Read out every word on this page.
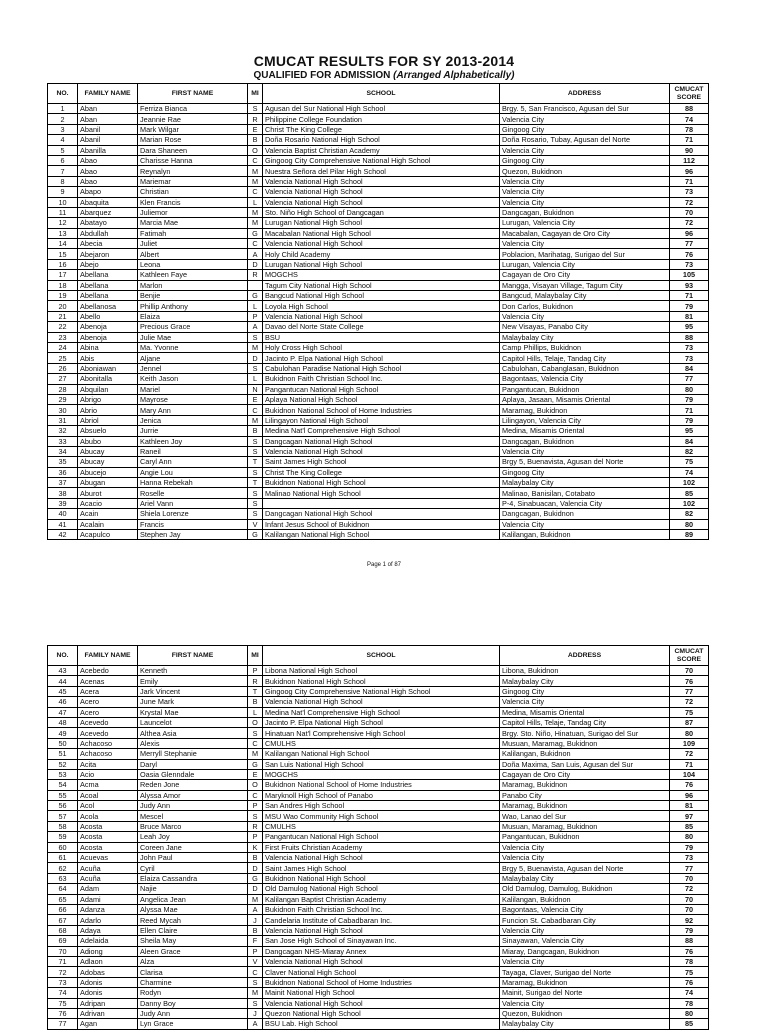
CMUCAT RESULTS FOR SY 2013-2014
QUALIFIED FOR ADMISSION (Arranged Alphabetically)
NO.	FAMILY NAME	FIRST NAME	MI	SCHOOL	ADDRESS	CMUCAT SCORE
1	Aban	Ferriza Bianca	S	Agusan del Sur National High School	Brgy. 5, San Francisco, Agusan del Sur	88
2	Aban	Jeannie Rae	R	Philippine College Foundation	Valencia City	74
3	Abanil	Mark Wilgar	E	Christ The King College	Gingoog City	78
4	Abanil	Marian Rose	B	Doña Rosario National High School	Doña Rosario, Tubay, Agusan del Norte	71
5	Abanilla	Dara Shaneen	O	Valencia Baptist Christian Academy	Valencia City	90
6	Abao	Charisse Hanna	C	Gingoog City Comprehensive National High School	Gingoog City	112
7	Abao	Reynalyn	M	Nuestra Señora del Pilar High School	Quezon, Bukidnon	96
8	Abao	Mariemar	M	Valencia National High School	Valencia City	71
9	Abapo	Christian	C	Valencia National High School	Valencia City	73
10	Abaquita	Klen Francis	L	Valencia National High School	Valencia City	72
11	Abarquez	Juliemor	M	Sto. Niño High School of Dangcagan	Dangcagan, Bukidnon	70
12	Abatayo	Marcia Mae	M	Lurugan National High School	Lurugan, Valencia City	72
13	Abdullah	Fatimah	G	Macabalan National High School	Macabalan, Cagayan de Oro City	96
14	Abecia	Juliet	C	Valencia National High School	Valencia City	77
15	Abejaron	Albert	A	Holy Child Academy	Poblacion, Marihatag, Surigao del Sur	76
16	Abejo	Leona	D	Lurugan National High School	Lurugan, Valencia City	73
17	Abellana	Kathleen Faye	R	MOGCHS	Cagayan de Oro City	105
18	Abellana	Marlon		Tagum City National High School	Mangga, Visayan Village, Tagum City	93
19	Abellana	Benjie	G	Bangcud National High School	Bangcud, Malaybalay City	71
20	Abellanosa	Phillip Anthony	L	Loyola High School	Don Carlos, Bukidnon	79
21	Abello	Elaiza	P	Valencia National High School	Valencia City	81
22	Abenoja	Precious Grace	A	Davao del Norte State College	New Visayas, Panabo City	95
23	Abenoja	Julie Mae	S	BSU	Malaybalay City	88
24	Abina	Ma. Yvonne	M	Holy Cross High School	Camp Phillips, Bukidnon	73
25	Abis	Aljane	D	Jacinto P. Elpa National High School	Capitol Hills, Telaje, Tandag City	73
26	Aboniawan	Jennel	S	Cabulohan Paradise National High School	Cabulohan, Cabanglasan, Bukidnon	84
27	Abonitalla	Keith Jason	L	Bukidnon Faith Christian School Inc.	Bagontaas, Valencia City	77
28	Abquilan	Mariel	N	Pangantucan National High School	Pangantucan, Bukidnon	80
29	Abrigo	Mayrose	E	Aplaya National High School	Aplaya, Jasaan, Misamis Oriental	79
30	Abrio	Mary Ann	C	Bukidnon National School of Home Industries	Maramag, Bukidnon	71
31	Abriol	Jenica	M	Lilingayon National High School	Lilingayon, Valencia City	79
32	Absuelo	Jurrie	B	Medina Nat'l Comprehensive High School	Medina, Misamis Oriental	95
33	Abubo	Kathleen Joy	S	Dangcagan National High School	Dangcagan, Bukidnon	84
34	Abucay	Raneil	S	Valencia National High School	Valencia City	82
35	Abucay	Caryl Ann	T	Saint James High School	Brgy 5, Buenavista, Agusan del Norte	75
36	Abucejo	Angie Lou	S	Christ The King College	Gingoog City	74
37	Abugan	Hanna Rebekah	T	Bukidnon National High School	Malaybalay City	102
38	Aburot	Roselle	S	Malinao National High School	Malinao, Banisilan, Cotabato	85
39	Acacio	Ariel Vann	S		P-4, Sinabuacan, Valencia City	102
40	Acain	Shiela Lorenze	S	Dangcagan National High School	Dangcagan, Bukidnon	82
41	Acalain	Francis	V	Infant Jesus School of Bukidnon	Valencia City	80
42	Acapulco	Stephen Jay	G	Kalilangan National High School	Kalilangan, Bukidnon	89
Page 1 of 87
NO.	FAMILY NAME	FIRST NAME	MI	SCHOOL	ADDRESS	CMUCAT SCORE
43	Acebedo	Kenneth	P	Libona National High School	Libona, Bukidnon	70
44	Acenas	Emily	R	Bukidnon National High School	Malaybalay City	76
45	Acera	Jark Vincent	T	Gingoog City Comprehensive National High School	Gingoog City	77
46	Acero	June Mark	B	Valencia National High School	Valencia City	72
47	Acero	Krystal Mae	L	Medina Nat'l Comprehensive High School	Medina, Misamis Oriental	75
48	Acevedo	Launcelot	O	Jacinto P. Elpa National High School	Capitol Hills, Telaje, Tandag City	87
49	Acevedo	Althea Asia	S	Hinatuan Nat'l Comprehensive High School	Brgy. Sto. Niño, Hinatuan, Surigao del Sur	80
50	Achacoso	Alexis	C	CMULHS	Musuan, Maramag, Bukidnon	109
51	Achacoso	Merryll Stephanie	M	Kalilangan National High School	Kalilangan, Bukidnon	72
52	Acita	Daryl	G	San Luis National High School	Doña Maxima, San Luis, Agusan del Sur	71
53	Acio	Oasia Glenndale	E	MOGCHS	Cagayan de Oro City	104
54	Acma	Reden Jone	O	Bukidnon National School of Home Industries	Maramag, Bukidnon	76
55	Acoal	Alyssa Amor	C	Maryknoll High School of Panabo	Panabo City	96
56	Acol	Judy Ann	P	San Andres High School	Maramag, Bukidnon	81
57	Acola	Mescel	S	MSU Wao Community High School	Wao, Lanao del Sur	97
58	Acosta	Bruce Marco	R	CMULHS	Musuan, Maramag, Bukidnon	85
59	Acosta	Leah Joy	P	Pangantucan National High School	Pangantucan, Bukidnon	80
60	Acosta	Coreen Jane	K	First Fruits Christian Academy	Valencia City	79
61	Acuevas	John Paul	B	Valencia National High School	Valencia City	73
62	Acuña	Cyril	D	Saint James High School	Brgy 5, Buenavista, Agusan del Norte	77
63	Acuña	Elaiza Cassandra	G	Bukidnon National High School	Malaybalay City	70
64	Adam	Najie	D	Old Damulog National High School	Old Damulog, Damulog, Bukidnon	72
65	Adami	Angelica Jean	M	Kalilangan Baptist Christian Academy	Kalilangan, Bukidnon	70
66	Adanza	Alyssa Mae	A	Bukidnon Faith Christian School Inc.	Bagontaas, Valencia City	70
67	Adarlo	Reed Mycah	J	Candelaria Institute of Cabadbaran Inc.	Funcion St. Cabadbaran City	92
68	Adaya	Ellen Claire	B	Valencia National High School	Valencia City	79
69	Adelaida	Sheila May	F	San Jose High School of Sinayawan Inc.	Sinayawan, Valencia City	88
70	Adiong	Aleen Grace	P	Dangcagan NHS-Miaray Annex	Miaray, Dangcagan, Bukidnon	76
71	Adlaon	Alza	V	Valencia National High School	Valencia City	78
72	Adobas	Clarisa	C	Claver National High School	Tayaga, Claver, Surigao del Norte	75
73	Adonis	Charmine	S	Bukidnon National School of Home Industries	Maramag, Bukidnon	76
74	Adonis	Rodyn	M	Mainit National High School	Mainit, Surigao del Norte	74
75	Adripan	Danny Boy	S	Valencia National High School	Valencia City	78
76	Adrivan	Judy Ann	J	Quezon National High School	Quezon, Bukidnon	80
77	Agan	Lyn Grace	A	BSU Lab. High School	Malaybalay City	85
